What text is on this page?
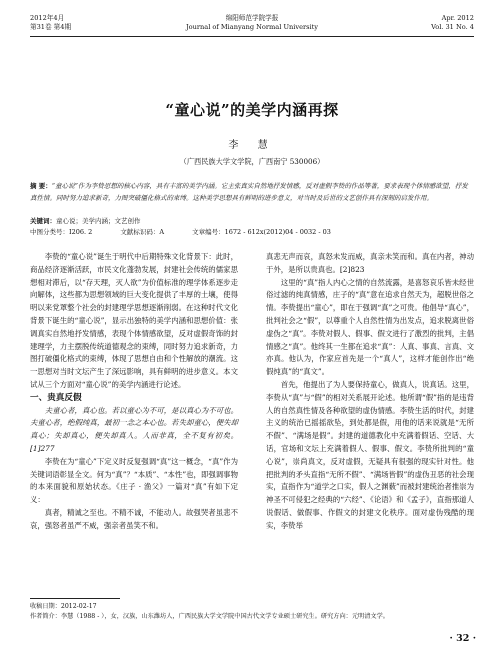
2012年4月
第31卷 第4期
绵阳师范学院学报
Journal of Mianyang Normal University
Apr. 2012
Vol. 31 No. 4
“童心说”的美学内涵再探
李 慧
（广西民族大学文学院，广西南宁 530006）
摘 要：“童心说”作为李贽思想的核心内容，具有丰富的美学内涵。它主张真实自然地抒发情感，反对虚假李贽的作品等著，要求表现个体情感欲望，抒发真性情。同时努力追求新奇，力图突破僵化格式的束缚。这种美学思想具有鲜明的进步意义，对当时及后世的文艺创作具有深刻的启发作用。
关键词：童心说；美学内涵；文艺创作
中图分类号：I206. 2	文献标识码：A	文章编号：1672 - 612x(2012)04 - 0032 - 03

李贽的“童心说”诞生于明代中后期特殊文化背景下：此时，商品经济逐渐活跃，市民文化蓬勃发展，封建社会传统的儒家思想相对滞后，以“存天理，灭人欲”为价值标准的理学体系逐步走向解体，这些都为思想领域的巨大变化提供了丰厚的土壤，使得明以来党罩整个社会的封建理学思想逐渐削弱。在这种时代文化背景下诞生的“童心说”，显示出独特的美学内涵和思想价值：张调真实自然地抒发情感，表现个体情感欲望，反对虚假奇饰的封建理学，力主摆脱传统道德观念的束缚，同时努力追求新奇，力图打破僵化格式的束缚，体现了思想自由和个性解放的潮流。这一思想对当时文坛产生了深远影响，具有鲜明的进步意义。本文试从三个方面对“童心说”的美学内涵进行论述。

一、贵真反假

夫童心者，真心也。若以童心为不可，是以真心为不可也。夫童心者，绝假纯真，最初一念之本心也。若失却童心，便失却真心；失却真心，便失却真人。人而非真，全不复有初矣。[1]277

李贽在为“童心”下定义时反复强调“真”这一概念，“真”作为关键词语彰显全文。何为“真”？“本质”、“本性”也，即强调事物的本来面貌和原始状态。《庄子 · 渔父》一篇对“真”有如下定义：

真者，精诚之至也。不精不诚，不能动人。故强哭者虽悲不哀，强怒者虽严不威，强亲者虽笑不和。

真悲无声而哀，真怒未发而威，真亲未笑而和。真在内者，神动于外，是所以贵真也。[2]823

这里的“真”指人内心之情的自然流露，是喜怒哀乐皆未经世俗过滤的纯真情感，庄子的“真”意在追求自然天为，超脱世俗之情。李贽提出“童心”，即在于强调“真”之可贵。他倡导“真心”，批判社会之“假”，以尊重个人自然性情为出发点，追求脱离世俗虚伪之“真”。李贽对假人、假事、假文进行了激烈的批判，主倡情感之“真”。他终其一生都在追求“真”：人真、事真、言真、文亦真。他认为，作家应首先是一个“真人”，这样才能创作出“绝假纯真”的“真文”。

首先，他提出了为人要保持童心，做真人，说真话。这里，李贽从“真”与“假”的相对关系展开论述。他所谓“假”指的是违背人的自然真性情及各种欲望的虚伪情感。李贽生活的时代，封建主义的统治已摇摇欲坠，到处都是假，用他的话来说就是“无所不假”、“满场是假”。封建的道德教化中充满着假话、空话、大话，官场和文坛上充满着假人、假事、假文。李贽所批判的“童心说”，崇尚真文，反对虚假，无疑具有很强的现实针对性。他把批判的矛头直指“无所不假”、“满场皆假”的虚伪丑恶的社会现实，直指作为“道学之口实，假人之渊薮”而被封建统治者推崇为神圣不可侵犯之经典的“六经”、《论语》和《孟子》，直指那道人说假话、做假事、作假文的封建文化秩序。面对虚伪残酷的现实，李贽举

收稿日期：2012-02-17
作者简介：李慧（1988 - ），女，汉族，山东潍坊人，广西民族大学文学院中国古代文学专业硕士研究生。研究方向：元明清文学。
· 32 ·
